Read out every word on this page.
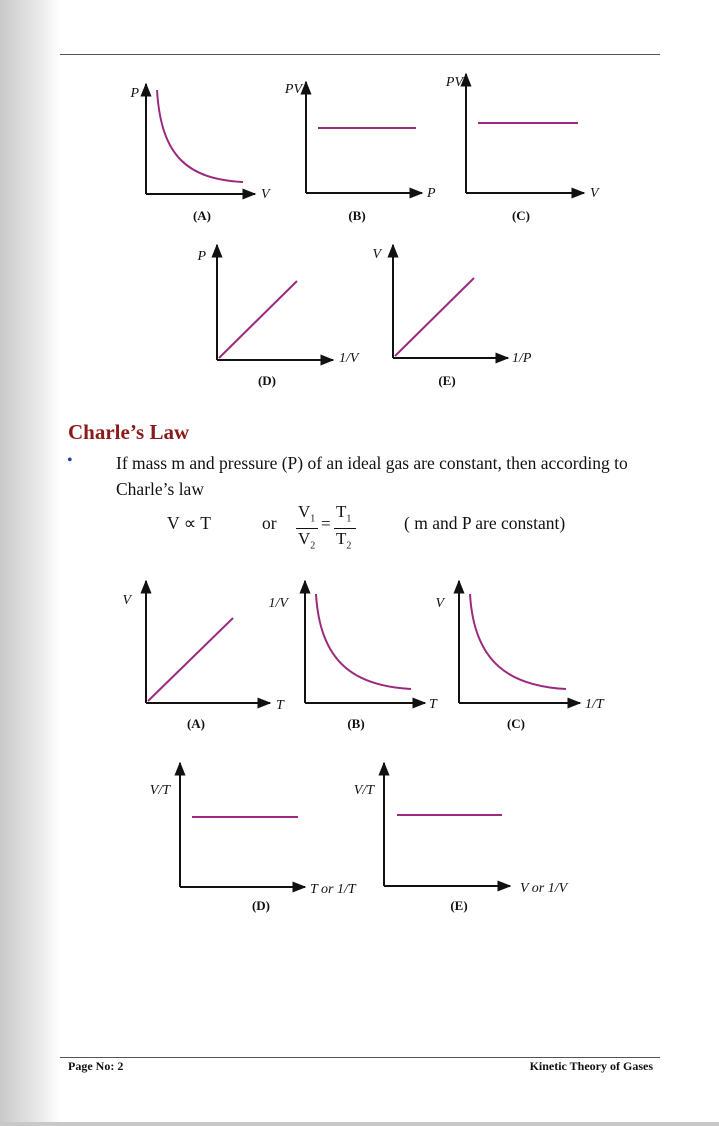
P
V
(A)
PV
P
(B)
PV
V
(C)
P
1/V
(D)
V
1/P
(E)
V
T
(A)
1/V
T
(B)
V
1/T
(C)
V/T
T or 1/T
(D)
V/T
V or 1/V
(E)
Charle’s Law
• If mass m and pressure (P) of an ideal gas are constant, then according to Charle’s law

V ∝ T	or
$V_1$
$V_2$
=
$T_1$
$T_2$
( m and P are constant)
Page No: 2	Kinetic Theory of Gases
